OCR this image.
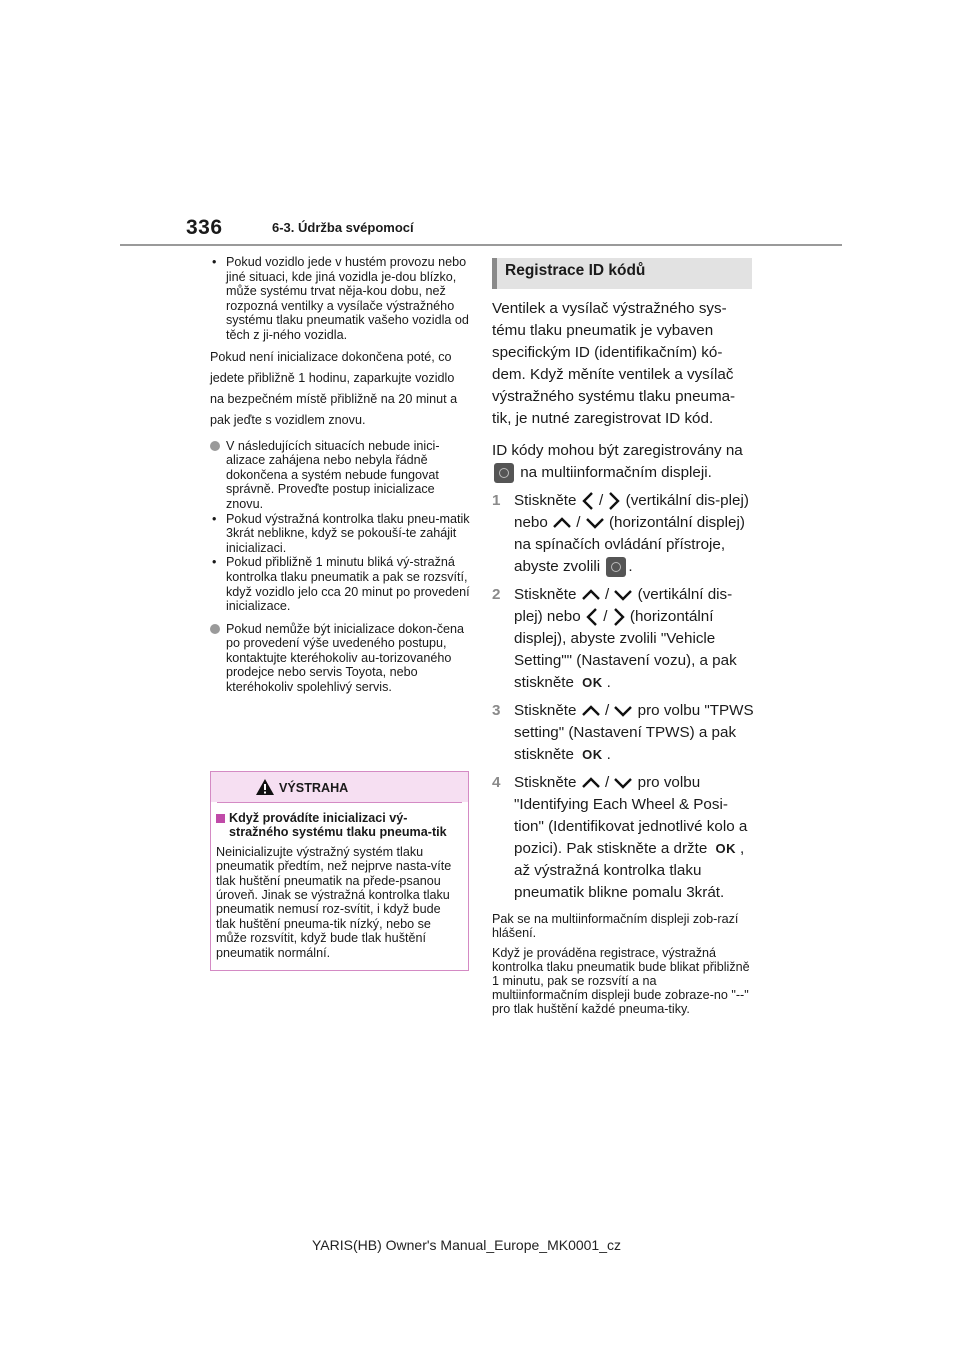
336	6-3. Údržba svépomocí
• Pokud vozidlo jede v hustém provozu nebo jiné situaci, kde jiná vozidla je-dou blízko, může systému trvat něja-kou dobu, než rozpozná ventilky a vysílače výstražného systému tlaku pneumatik vašeho vozidla od těch z ji-ného vozidla.

Pokud není inicializace dokončena poté, co jedete přibližně 1 hodinu, zaparkujte vozidlo na bezpečném místě přibližně na 20 minut a pak jeďte s vozidlem znovu.

V následujících situacích nebude inici-alizace zahájena nebo nebyla řádně dokončena a systém nebude fungovat správně. Proveďte postup inicializace znovu.
• Pokud výstražná kontrolka tlaku pneu-matik 3krát neblikne, když se pokouší-te zahájit inicializaci.
• Pokud přibližně 1 minutu bliká vý-stražná kontrolka tlaku pneumatik a pak se rozsvítí, když vozidlo jelo cca 20 minut po provedení inicializace.
Pokud nemůže být inicializace dokon-čena po provedení výše uvedeného postupu, kontaktujte kteréhokoliv au-torizovaného prodejce nebo servis Toyota, nebo kteréhokoliv spolehlivý servis.
VÝSTRAHA
Když provádíte inicializaci vý-stražného systému tlaku pneuma-tik
Neinicializujte výstražný systém tlaku pneumatik předtím, než nejprve nasta-víte tlak huštění pneumatik na přede-psanou úroveň. Jinak se výstražná kontrolka tlaku pneumatik nemusí roz-svítit, i když bude tlak huštění pneuma-tik nízký, nebo se může rozsvítit, když bude tlak huštění pneumatik normální.
Registrace ID kódů
Ventilek a vysílač výstražného sys-tému tlaku pneumatik je vybaven specifickým ID (identifikačním) kó-dem. Když měníte ventilek a vysílač výstražného systému tlaku pneuma-tik, je nutné zaregistrovat ID kód.
ID kódy mohou být zaregistrovány na  na multiinformačním displeji.
1 Stiskněte / (vertikální dis-plej) nebo / (horizontální displej) na spínačích ovládání přístroje, abyste zvolili .
2 Stiskněte / (vertikální dis-plej) nebo / (horizontální displej), abyste zvolili "Vehicle Setting"" (Nastavení vozu), a pak stiskněte OK .
3 Stiskněte / pro volbu "TPWS setting" (Nastavení TPWS) a pak stiskněte OK .
4 Stiskněte / pro volbu "Identifying Each Wheel & Posi-tion" (Identifikovat jednotlivé kolo a pozici). Pak stiskněte a držte OK , až výstražná kontrolka tlaku pneumatik blikne pomalu 3krát.
Pak se na multiinformačním displeji zob-razí hlášení.
Když je prováděna registrace, výstražná kontrolka tlaku pneumatik bude blikat přibližně 1 minutu, pak se rozsvítí a na multiinformačním displeji bude zobraze-no "--" pro tlak huštění každé pneuma-tiky.
YARIS(HB) Owner's Manual_Europe_MK0001_cz
